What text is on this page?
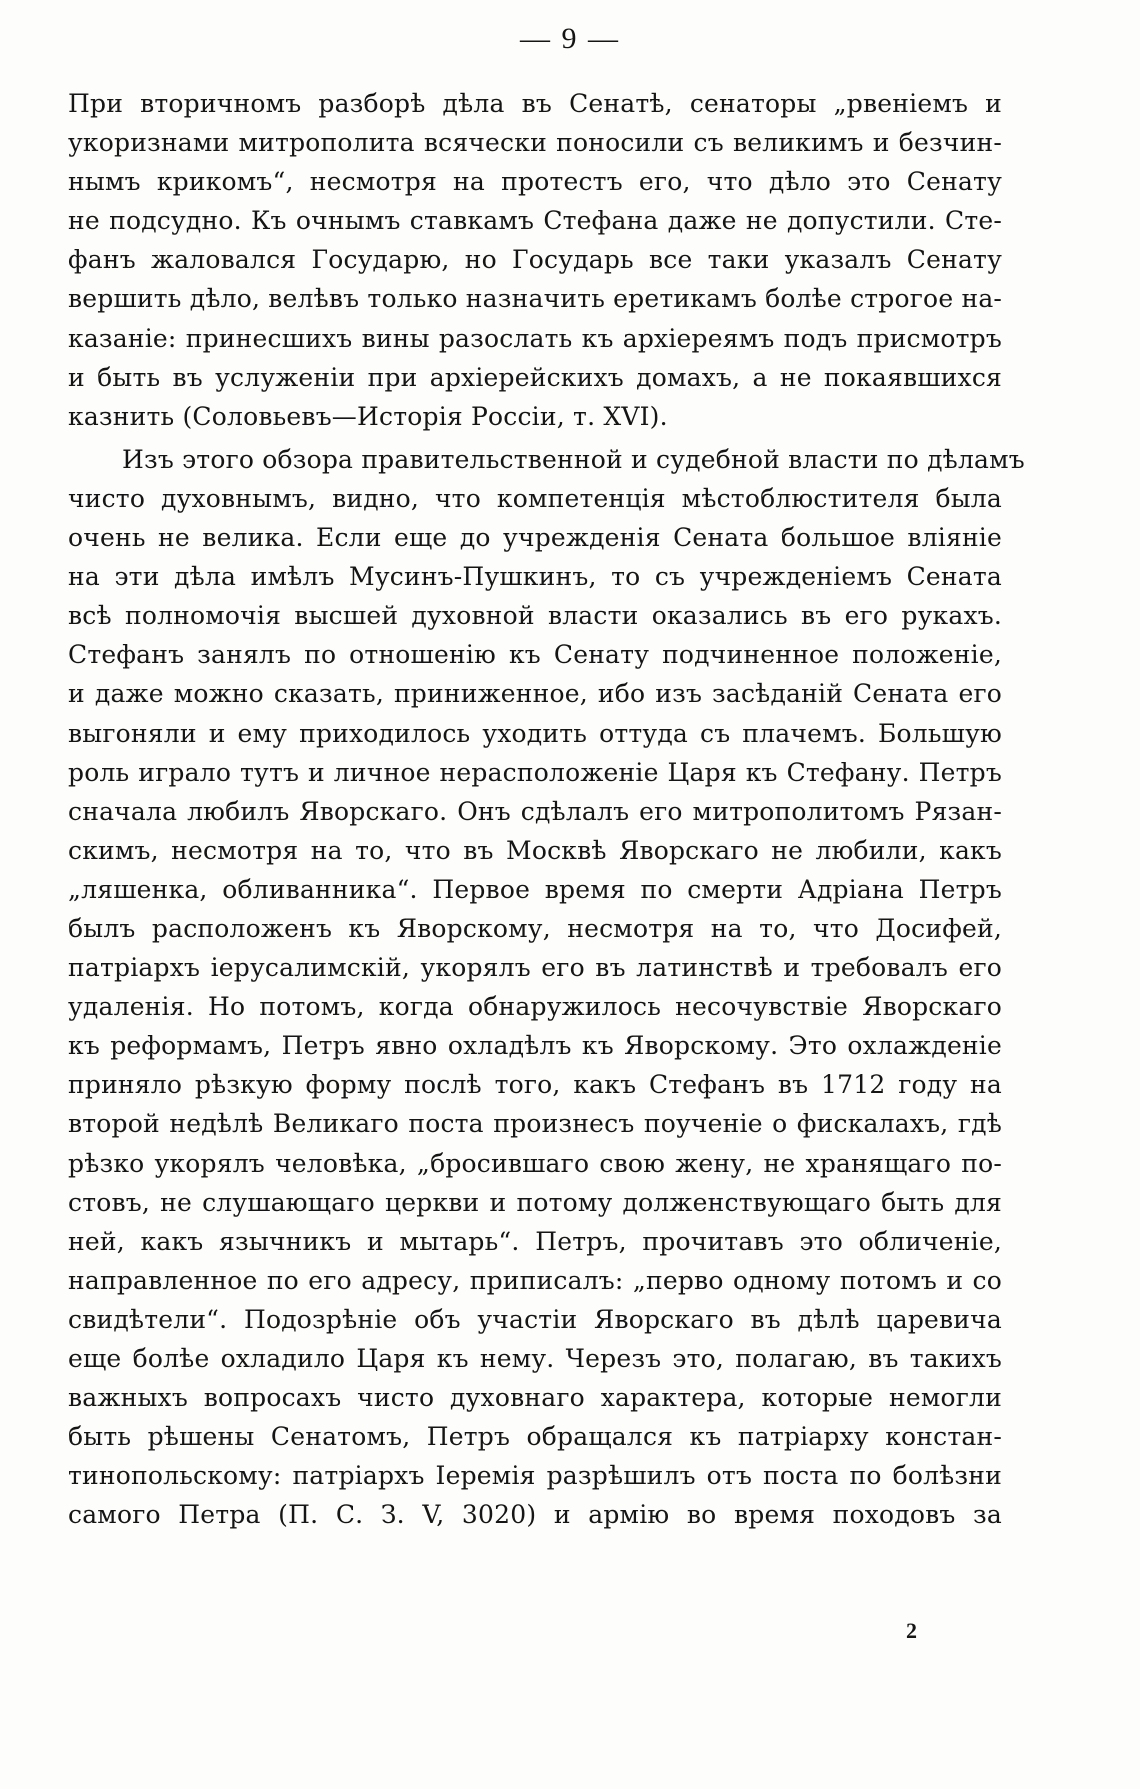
— 9 —
При вторичномъ разборѣ дѣла въ Сенатѣ, сенаторы „рвеніемъ и
укоризнами митрополита всячески поносили съ великимъ и безчин-
нымъ крикомъ“, несмотря на протестъ его, что дѣло это Сенату
не подсудно. Къ очнымъ ставкамъ Стефана даже не допустили. Сте-
фанъ жаловался Государю, но Государь все таки указалъ Сенату
вершить дѣло, велѣвъ только назначить еретикамъ болѣе строгое на-
казаніе: принесшихъ вины разослать къ архіереямъ подъ присмотръ
и быть въ услуженіи при архіерейскихъ домахъ, а не покаявшихся
казнить (Соловьевъ—Исторія Россіи, т. XVI).
Изъ этого обзора правительственной и судебной власти по дѣламъ
чисто духовнымъ, видно, что компетенція мѣстоблюстителя была
очень не велика. Если еще до учрежденія Сената большое вліяніе
на эти дѣла имѣлъ Мусинъ-Пушкинъ, то съ учрежденіемъ Сената
всѣ полномочія высшей духовной власти оказались въ его рукахъ.
Стефанъ занялъ по отношенію къ Сенату подчиненное положеніе,
и даже можно сказать, приниженное, ибо изъ засѣданій Сената его
выгоняли и ему приходилось уходить оттуда съ плачемъ. Большую
роль играло тутъ и личное нерасположеніе Царя къ Стефану. Петръ
сначала любилъ Яворскаго. Онъ сдѣлалъ его митрополитомъ Рязан-
скимъ, несмотря на то, что въ Москвѣ Яворскаго не любили, какъ
„ляшенка, обливанника“. Первое время по смерти Адріана Петръ
былъ расположенъ къ Яворскому, несмотря на то, что Досифей,
патріархъ іерусалимскій, укорялъ его въ латинствѣ и требовалъ его
удаленія. Но потомъ, когда обнаружилось несочувствіе Яворскаго
къ реформамъ, Петръ явно охладѣлъ къ Яворскому. Это охлажденіе
приняло рѣзкую форму послѣ того, какъ Стефанъ въ 1712 году на
второй недѣлѣ Великаго поста произнесъ поученіе о фискалахъ, гдѣ
рѣзко укорялъ человѣка, „бросившаго свою жену, не хранящаго по-
стовъ, не слушающаго церкви и потому долженствующаго быть для
ней, какъ язычникъ и мытарь“. Петръ, прочитавъ это обличеніе,
направленное по его адресу, приписалъ: „перво одному потомъ и со
свидѣтели“. Подозрѣніе объ участіи Яворскаго въ дѣлѣ царевича
еще болѣе охладило Царя къ нему. Черезъ это, полагаю, въ такихъ
важныхъ вопросахъ чисто духовнаго характера, которые немогли
быть рѣшены Сенатомъ, Петръ обращался къ патріарху констан-
тинопольскому: патріархъ Іеремія разрѣшилъ отъ поста по болѣзни
самого Петра (П. С. З. V, 3020) и армію во время походовъ за
2
